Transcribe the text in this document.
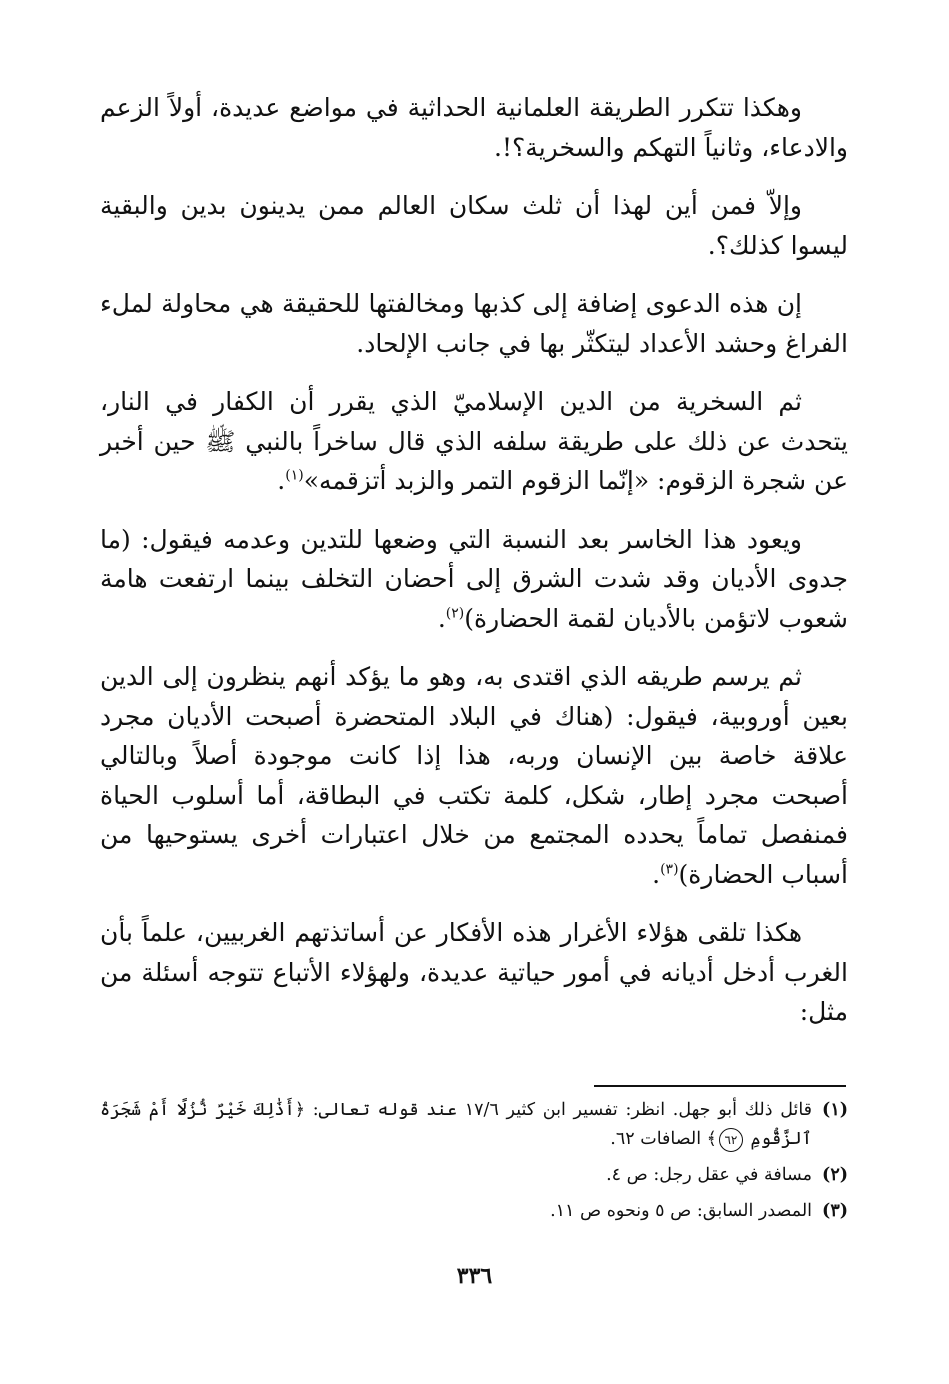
وهكذا تتكرر الطريقة العلمانية الحداثية في مواضع عديدة، أولاً الزعم والادعاء، وثانياً التهكم والسخرية؟!.

وإلاّ فمن أين لهذا أن ثلث سكان العالم ممن يدينون بدين والبقية ليسوا كذلك؟.

إن هذه الدعوى إضافة إلى كذبها ومخالفتها للحقيقة هي محاولة لملء الفراغ وحشد الأعداد ليتكثّر بها في جانب الإلحاد.

ثم السخرية من الدين الإسلاميّ الذي يقرر أن الكفار في النار، يتحدث عن ذلك على طريقة سلفه الذي قال ساخراً بالنبي ﷺ حين أخبر عن شجرة الزقوم: «إنّما الزقوم التمر والزبد أتزقمه»$^{(١)}$.

ويعود هذا الخاسر بعد النسبة التي وضعها للتدين وعدمه فيقول: (ما جدوى الأديان وقد شدت الشرق إلى أحضان التخلف بينما ارتفعت هامة شعوب لاتؤمن بالأديان لقمة الحضارة)$^{(٢)}$.

ثم يرسم طريقه الذي اقتدى به، وهو ما يؤكد أنهم ينظرون إلى الدين بعين أوروبية، فيقول: (هناك في البلاد المتحضرة أصبحت الأديان مجرد علاقة خاصة بين الإنسان وربه، هذا إذا كانت موجودة أصلاً وبالتالي أصبحت مجرد إطار، شكل، كلمة تكتب في البطاقة، أما أسلوب الحياة فمنفصل تماماً يحدده المجتمع من خلال اعتبارات أخرى يستوحيها من أسباب الحضارة)$^{(٣)}$.

هكذا تلقى هؤلاء الأغرار هذه الأفكار عن أساتذتهم الغربيين، علماً بأن الغرب أدخل أديانه في أمور حياتية عديدة، ولهؤلاء الأتباع تتوجه أسئلة من مثل:

(١)
قائل ذلك أبو جهل. انظر: تفسير ابن كثير ١٧/٦ عند قوله تعالى: ﴿أَذَٰلِكَ خَيْرٌ نُّزُلًا أَمْ شَجَرَةُ ٱلزَّقُّومِ ٦٢﴾ الصافات ٦٢.
(٢)
مسافة في عقل رجل: ص ٤.
(٣)
المصدر السابق: ص ٥ ونحوه ص ١١.
٣٣٦
